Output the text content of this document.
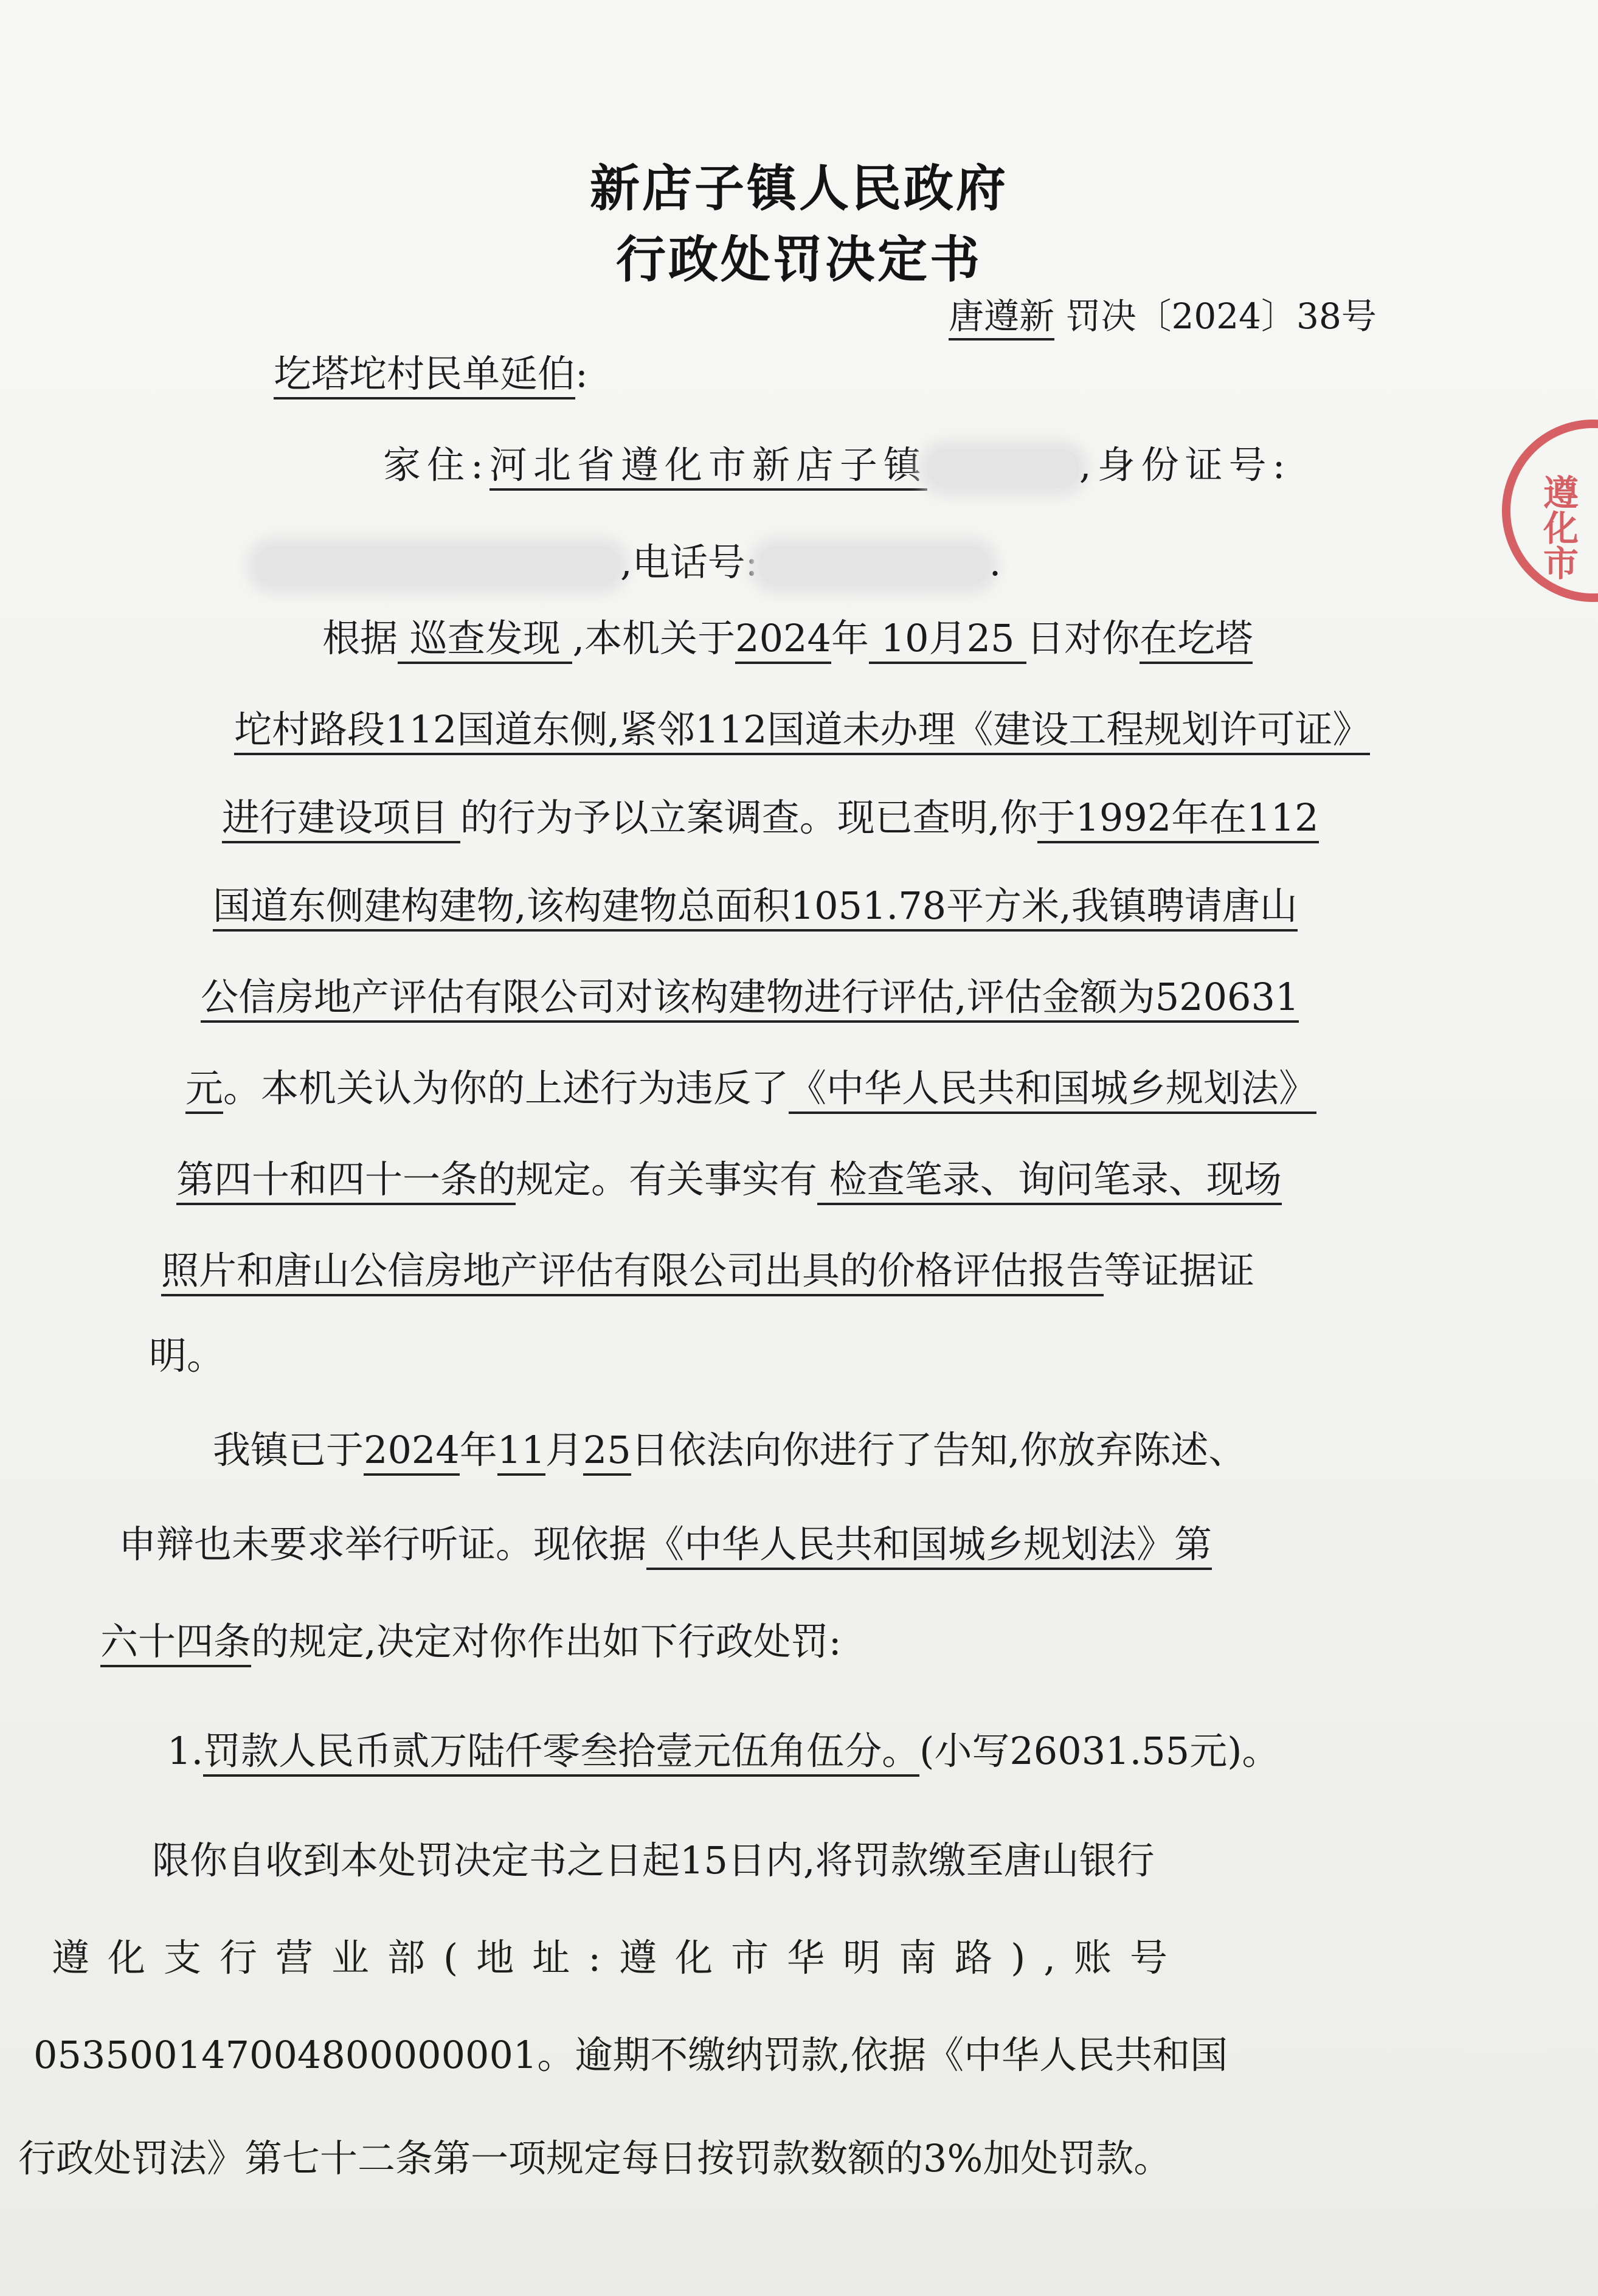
遵化市
新店子镇人民政府
行政处罚决定书
唐遵新 罚决〔2024〕38号
圪塔坨村民单延伯:
家住:河北省遵化市新店子镇	,身份证号:
,电话号:	.
根据 巡查发现 ,本机关于2024年 10月25 日对你在圪塔
坨村路段112国道东侧,紧邻112国道未办理《建设工程规划许可证》
进行建设项目 的行为予以立案调查。现已查明,你于1992年在112
国道东侧建构建物,该构建物总面积1051.78平方米,我镇聘请唐山
公信房地产评估有限公司对该构建物进行评估,评估金额为520631
元。本机关认为你的上述行为违反了《中华人民共和国城乡规划法》
第四十和四十一条的规定。有关事实有 检查笔录、询问笔录、现场
照片和唐山公信房地产评估有限公司出具的价格评估报告等证据证
明。
我镇已于2024年11月25日依法向你进行了告知,你放弃陈述、
申辩也未要求举行听证。现依据《中华人民共和国城乡规划法》第
六十四条的规定,决定对你作出如下行政处罚:
1.罚款人民币贰万陆仟零叁拾壹元伍角伍分。(小写26031.55元)。
限你自收到本处罚决定书之日起15日内,将罚款缴至唐山银行
遵化支行营业部(地址:遵化市华明南路),账号
053500147004800000001。逾期不缴纳罚款,依据《中华人民共和国
行政处罚法》第七十二条第一项规定每日按罚款数额的3%加处罚款。
